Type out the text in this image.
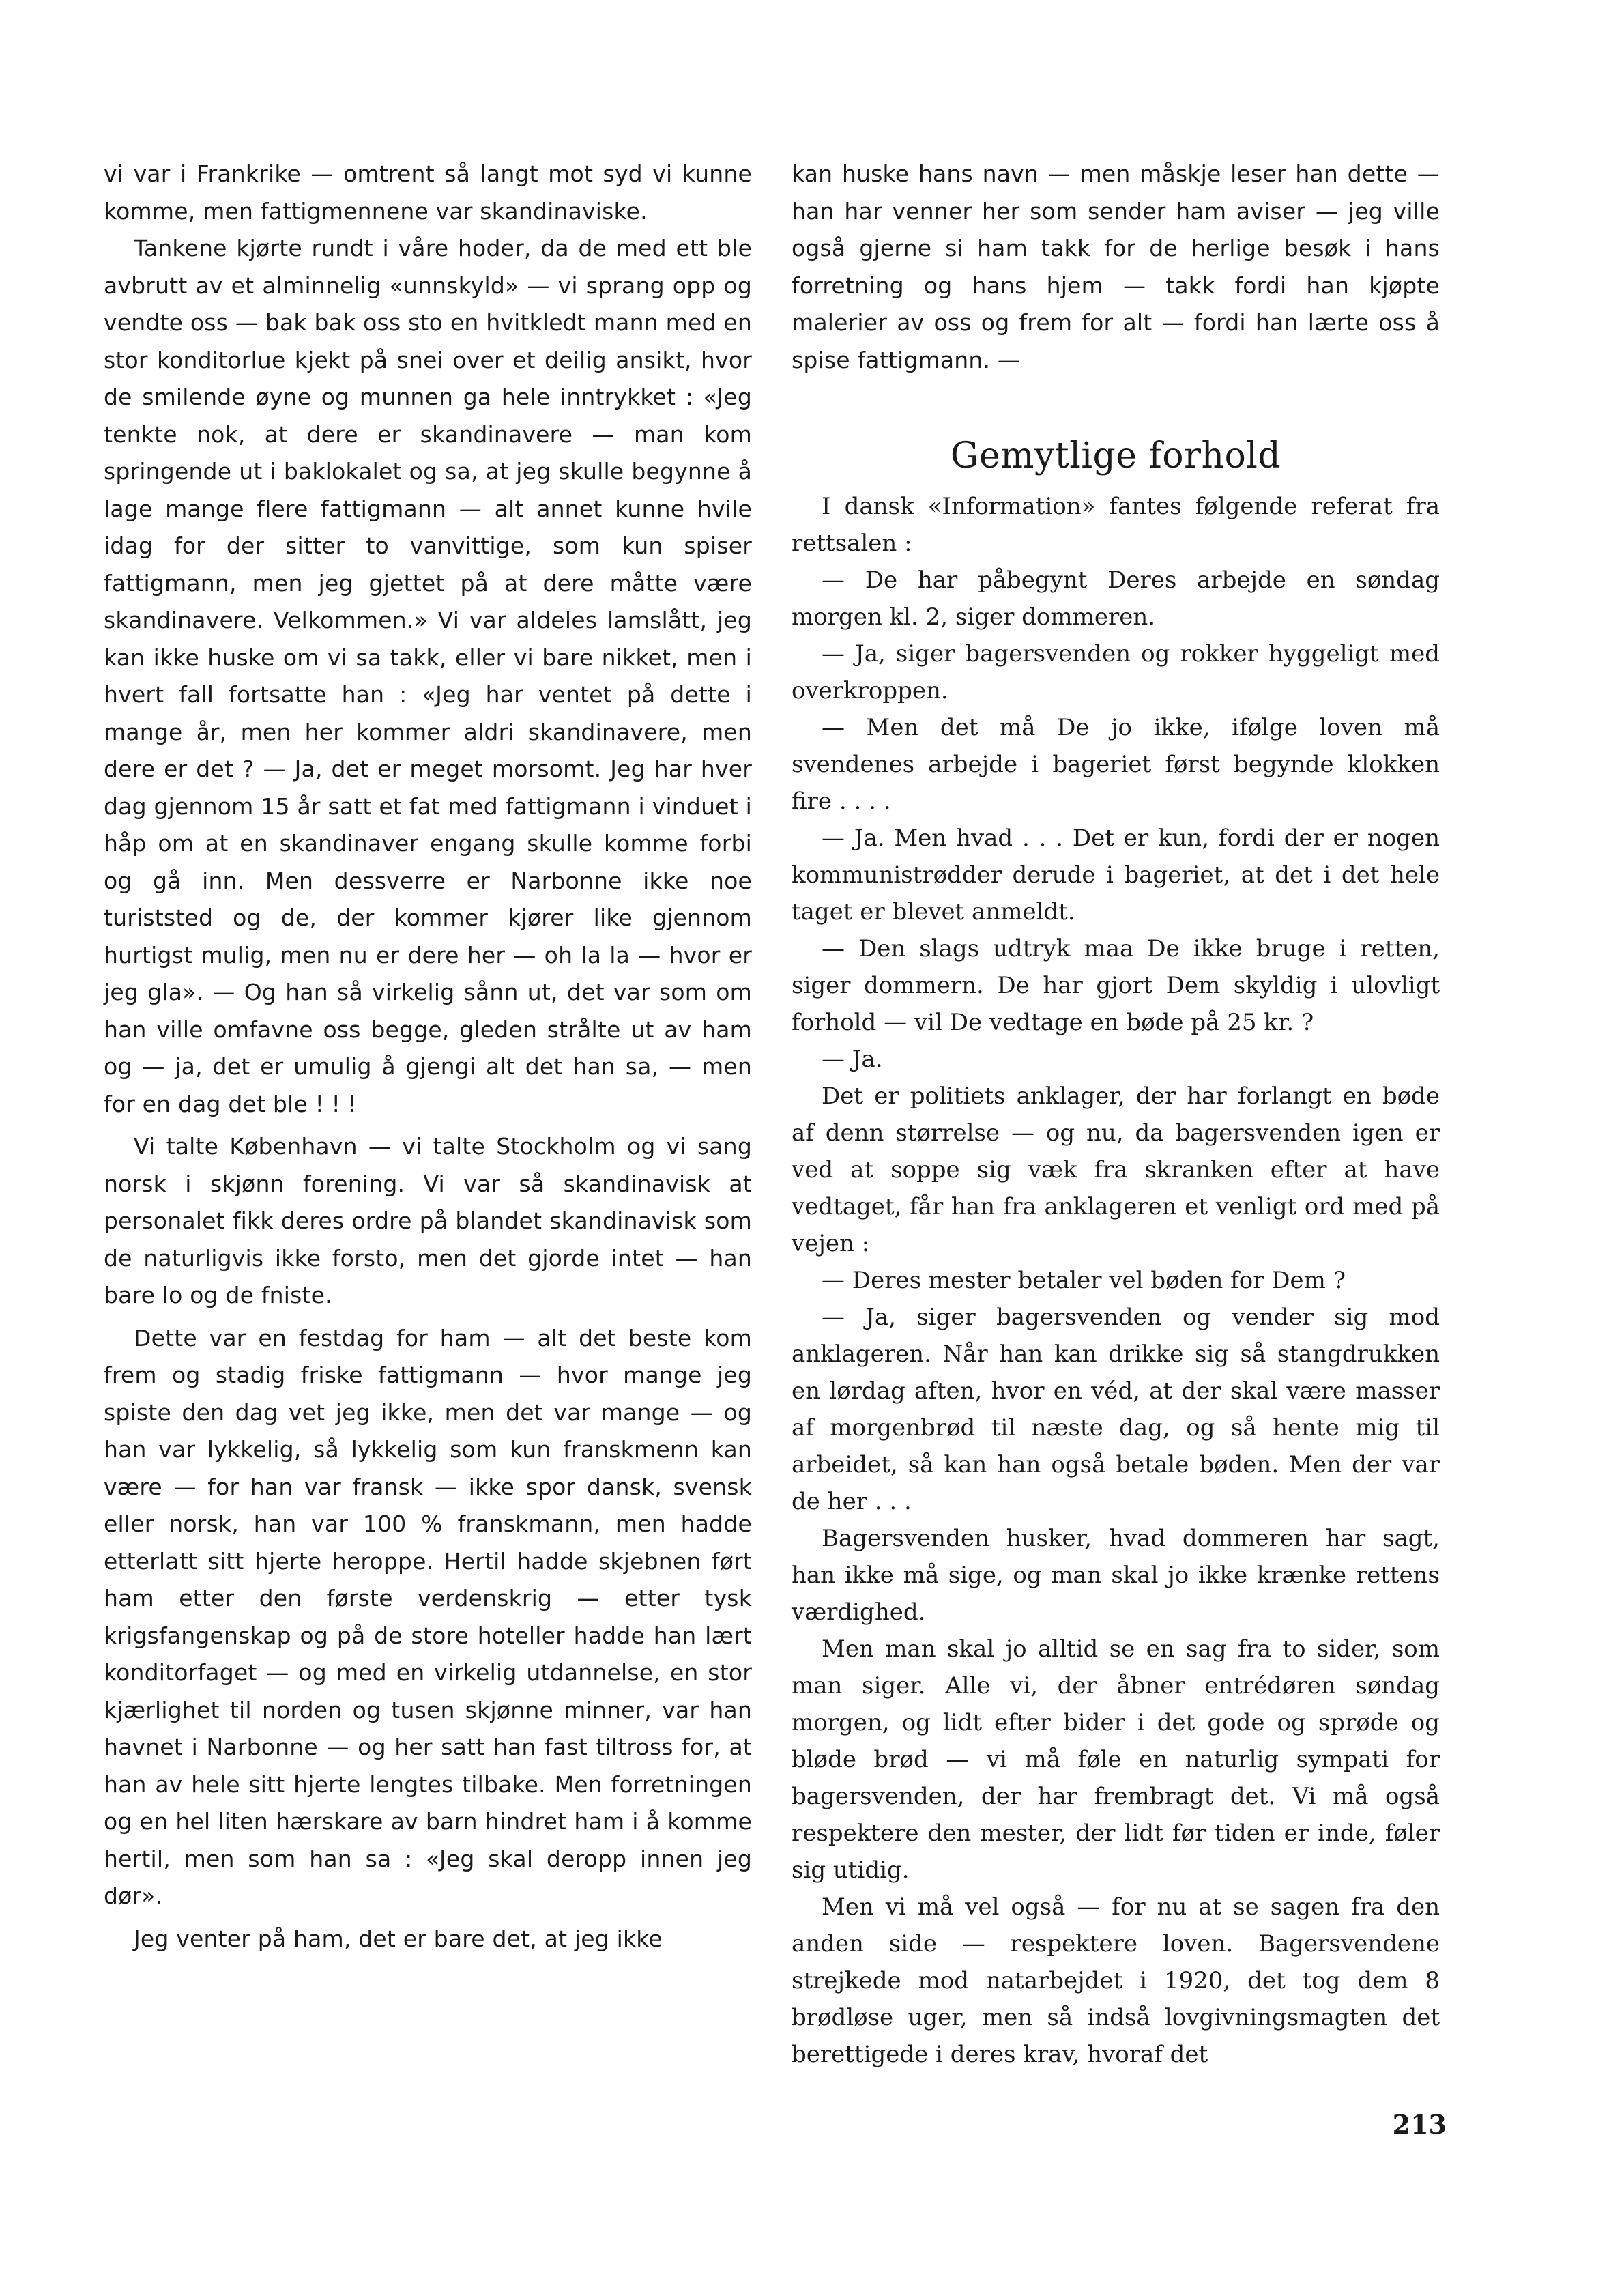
vi var i Frankrike — omtrent så langt mot syd vi kunne komme, men fattigmennene var skandinaviske.

Tankene kjørte rundt i våre hoder, da de med ett ble avbrutt av et alminnelig «unnskyld» — vi sprang opp og vendte oss — bak bak oss sto en hvitkledt mann med en stor konditorlue kjekt på snei over et deilig ansikt, hvor de smilende øyne og munnen ga hele inntrykket : «Jeg tenkte nok, at dere er skandinavere — man kom springende ut i baklokalet og sa, at jeg skulle begynne å lage mange flere fattigmann — alt annet kunne hvile idag for der sitter to vanvittige, som kun spiser fattigmann, men jeg gjettet på at dere måtte være skandinavere. Velkommen.» Vi var aldeles lamslått, jeg kan ikke huske om vi sa takk, eller vi bare nikket, men i hvert fall fortsatte han : «Jeg har ventet på dette i mange år, men her kommer aldri skandinavere, men dere er det ? — Ja, det er meget morsomt. Jeg har hver dag gjennom 15 år satt et fat med fattigmann i vinduet i håp om at en skandinaver engang skulle komme forbi og gå inn. Men dessverre er Narbonne ikke noe turiststed og de, der kommer kjører like gjennom hurtigst mulig, men nu er dere her — oh la la — hvor er jeg gla». — Og han så virkelig sånn ut, det var som om han ville omfavne oss begge, gleden strålte ut av ham og — ja, det er umulig å gjengi alt det han sa, — men for en dag det ble ! ! !

Vi talte København — vi talte Stockholm og vi sang norsk i skjønn forening. Vi var så skandinavisk at personalet fikk deres ordre på blandet skandinavisk som de naturligvis ikke forsto, men det gjorde intet — han bare lo og de fniste.

Dette var en festdag for ham — alt det beste kom frem og stadig friske fattigmann — hvor mange jeg spiste den dag vet jeg ikke, men det var mange — og han var lykkelig, så lykkelig som kun franskmenn kan være — for han var fransk — ikke spor dansk, svensk eller norsk, han var 100 % franskmann, men hadde etterlatt sitt hjerte heroppe. Hertil hadde skjebnen ført ham etter den første verdenskrig — etter tysk krigsfangenskap og på de store hoteller hadde han lært konditorfaget — og med en virkelig utdannelse, en stor kjærlighet til norden og tusen skjønne minner, var han havnet i Narbonne — og her satt han fast tiltross for, at han av hele sitt hjerte lengtes tilbake. Men forretningen og en hel liten hærskare av barn hindret ham i å komme hertil, men som han sa : «Jeg skal deropp innen jeg dør».

Jeg venter på ham, det er bare det, at jeg ikke

kan huske hans navn — men måskje leser han dette — han har venner her som sender ham aviser — jeg ville også gjerne si ham takk for de herlige besøk i hans forretning og hans hjem — takk fordi han kjøpte malerier av oss og frem for alt — fordi han lærte oss å spise fattigmann. —

Gemytlige forhold

I dansk «Information» fantes følgende referat fra rettsalen :

— De har påbegynt Deres arbejde en søndag morgen kl. 2, siger dommeren.

— Ja, siger bagersvenden og rokker hyggeligt med overkroppen.

— Men det må De jo ikke, ifølge loven må svendenes arbejde i bageriet først begynde klokken fire . . . .

— Ja. Men hvad . . . Det er kun, fordi der er nogen kommunistrødder derude i bageriet, at det i det hele taget er blevet anmeldt.

— Den slags udtryk maa De ikke bruge i retten, siger dommern. De har gjort Dem skyldig i ulovligt forhold — vil De vedtage en bøde på 25 kr. ?

— Ja.

Det er politiets anklager, der har forlangt en bøde af denn størrelse — og nu, da bagersvenden igen er ved at soppe sig væk fra skranken efter at have vedtaget, får han fra anklageren et venligt ord med på vejen :

— Deres mester betaler vel bøden for Dem ?

— Ja, siger bagersvenden og vender sig mod anklageren. Når han kan drikke sig så stangdrukken en lørdag aften, hvor en véd, at der skal være masser af morgenbrød til næste dag, og så hente mig til arbeidet, så kan han også betale bøden. Men der var de her . . .

Bagersvenden husker, hvad dommeren har sagt, han ikke må sige, og man skal jo ikke krænke rettens værdighed.

Men man skal jo alltid se en sag fra to sider, som man siger. Alle vi, der åbner entrédøren søndag morgen, og lidt efter bider i det gode og sprøde og bløde brød — vi må føle en naturlig sympati for bagersvenden, der har frembragt det. Vi må også respektere den mester, der lidt før tiden er inde, føler sig utidig.

Men vi må vel også — for nu at se sagen fra den anden side — respektere loven. Bagersvendene strejkede mod natarbejdet i 1920, det tog dem 8 brødløse uger, men så indså lovgivningsmagten det berettigede i deres krav, hvoraf det

213
